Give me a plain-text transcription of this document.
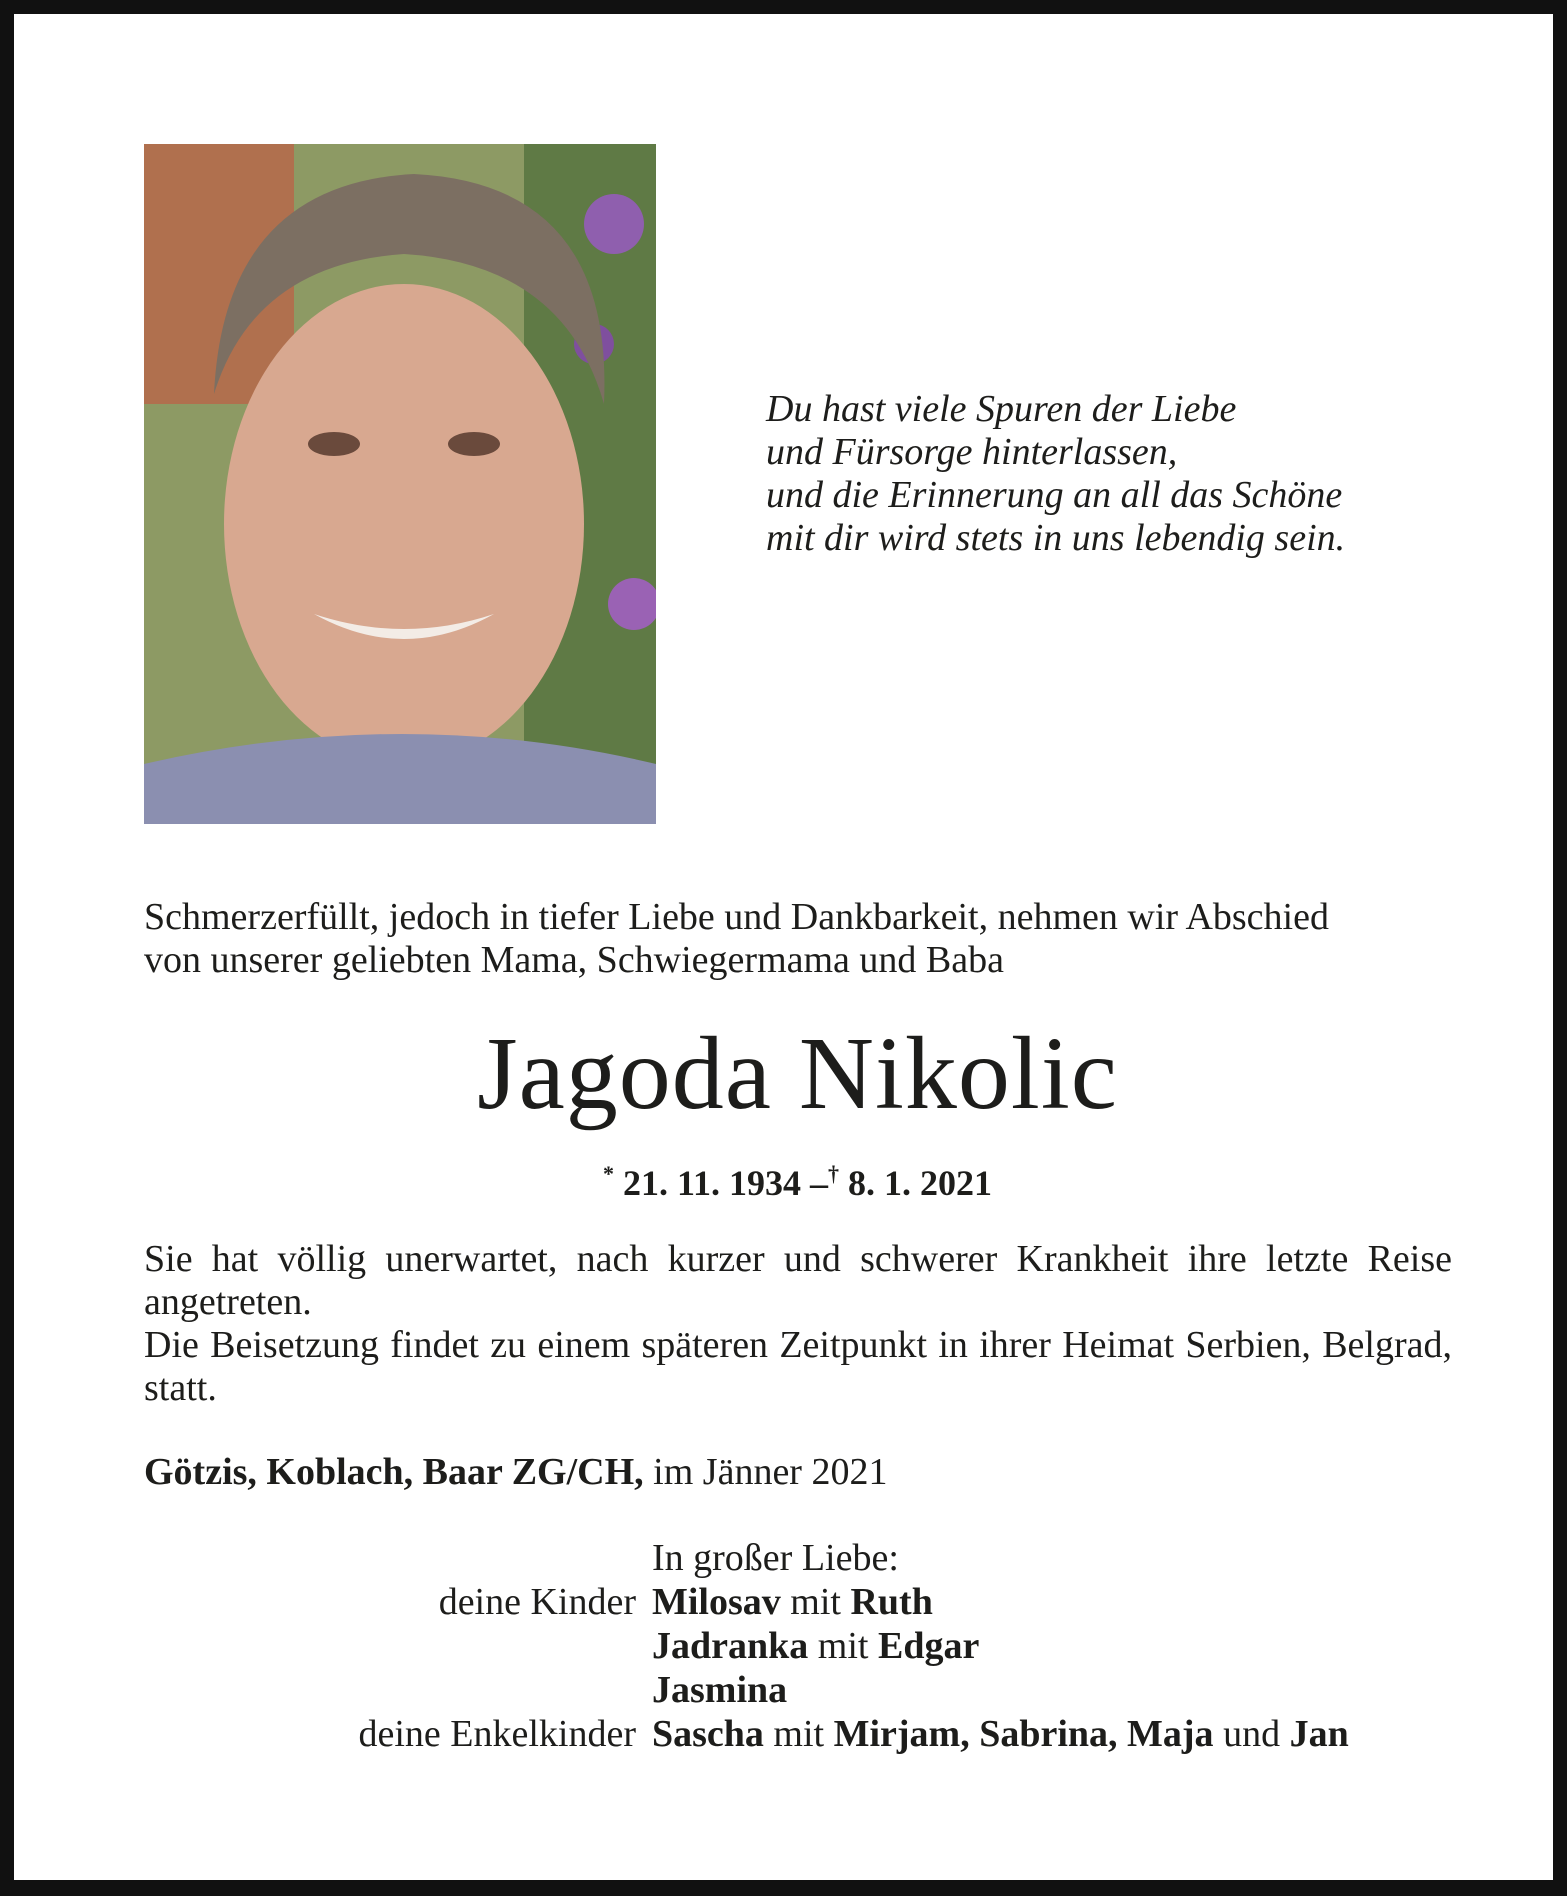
Du hast viele Spuren der Liebe
und Fürsorge hinterlassen,
und die Erinnerung an all das Schöne
mit dir wird stets in uns lebendig sein.
Schmerzerfüllt, jedoch in tiefer Liebe und Dankbarkeit, nehmen wir Abschied
von unserer geliebten Mama, Schwiegermama und Baba
Jagoda Nikolic
* 21. 11. 1934 –† 8. 1. 2021

Sie hat völlig unerwartet, nach kurzer und schwerer Krankheit ihre letzte Reise angetreten.

Die Beisetzung findet zu einem späteren Zeitpunkt in ihrer Heimat Serbien, Belgrad, statt.

Götzis, Koblach, Baar ZG/CH, im Jänner 2021
In großer Liebe:
deine Kinder Milosav mit Ruth
Jadranka mit Edgar
Jasmina
deine Enkelkinder Sascha mit Mirjam, Sabrina, Maja und Jan
